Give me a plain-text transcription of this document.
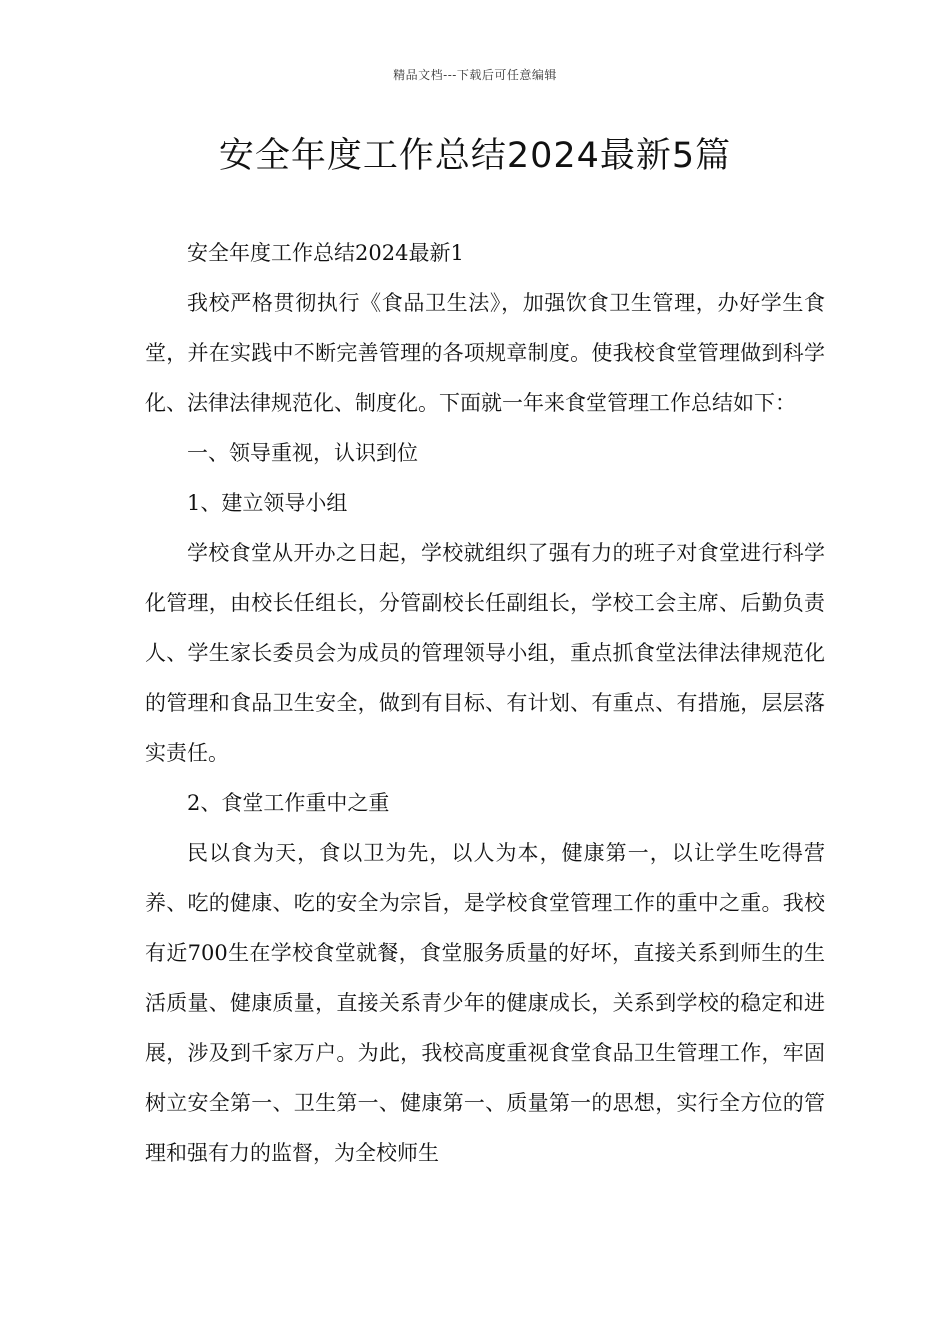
精品文档---下载后可任意编辑
安全年度工作总结2024最新5篇

安全年度工作总结2024最新1

我校严格贯彻执行《食品卫生法》，加强饮食卫生管理，办好学生食堂，并在实践中不断完善管理的各项规章制度。使我校食堂管理做到科学化、法律法律规范化、制度化。下面就一年来食堂管理工作总结如下：

一、领导重视，认识到位

1、建立领导小组

学校食堂从开办之日起，学校就组织了强有力的班子对食堂进行科学化管理，由校长任组长，分管副校长任副组长，学校工会主席、后勤负责人、学生家长委员会为成员的管理领导小组，重点抓食堂法律法律规范化的管理和食品卫生安全，做到有目标、有计划、有重点、有措施，层层落实责任。

2、食堂工作重中之重

民以食为天，食以卫为先，以人为本，健康第一，以让学生吃得营养、吃的健康、吃的安全为宗旨，是学校食堂管理工作的重中之重。我校有近700生在学校食堂就餐，食堂服务质量的好坏，直接关系到师生的生活质量、健康质量，直接关系青少年的健康成长，关系到学校的稳定和进展，涉及到千家万户。为此，我校高度重视食堂食品卫生管理工作，牢固树立安全第一、卫生第一、健康第一、质量第一的思想，实行全方位的管理和强有力的监督，为全校师生
